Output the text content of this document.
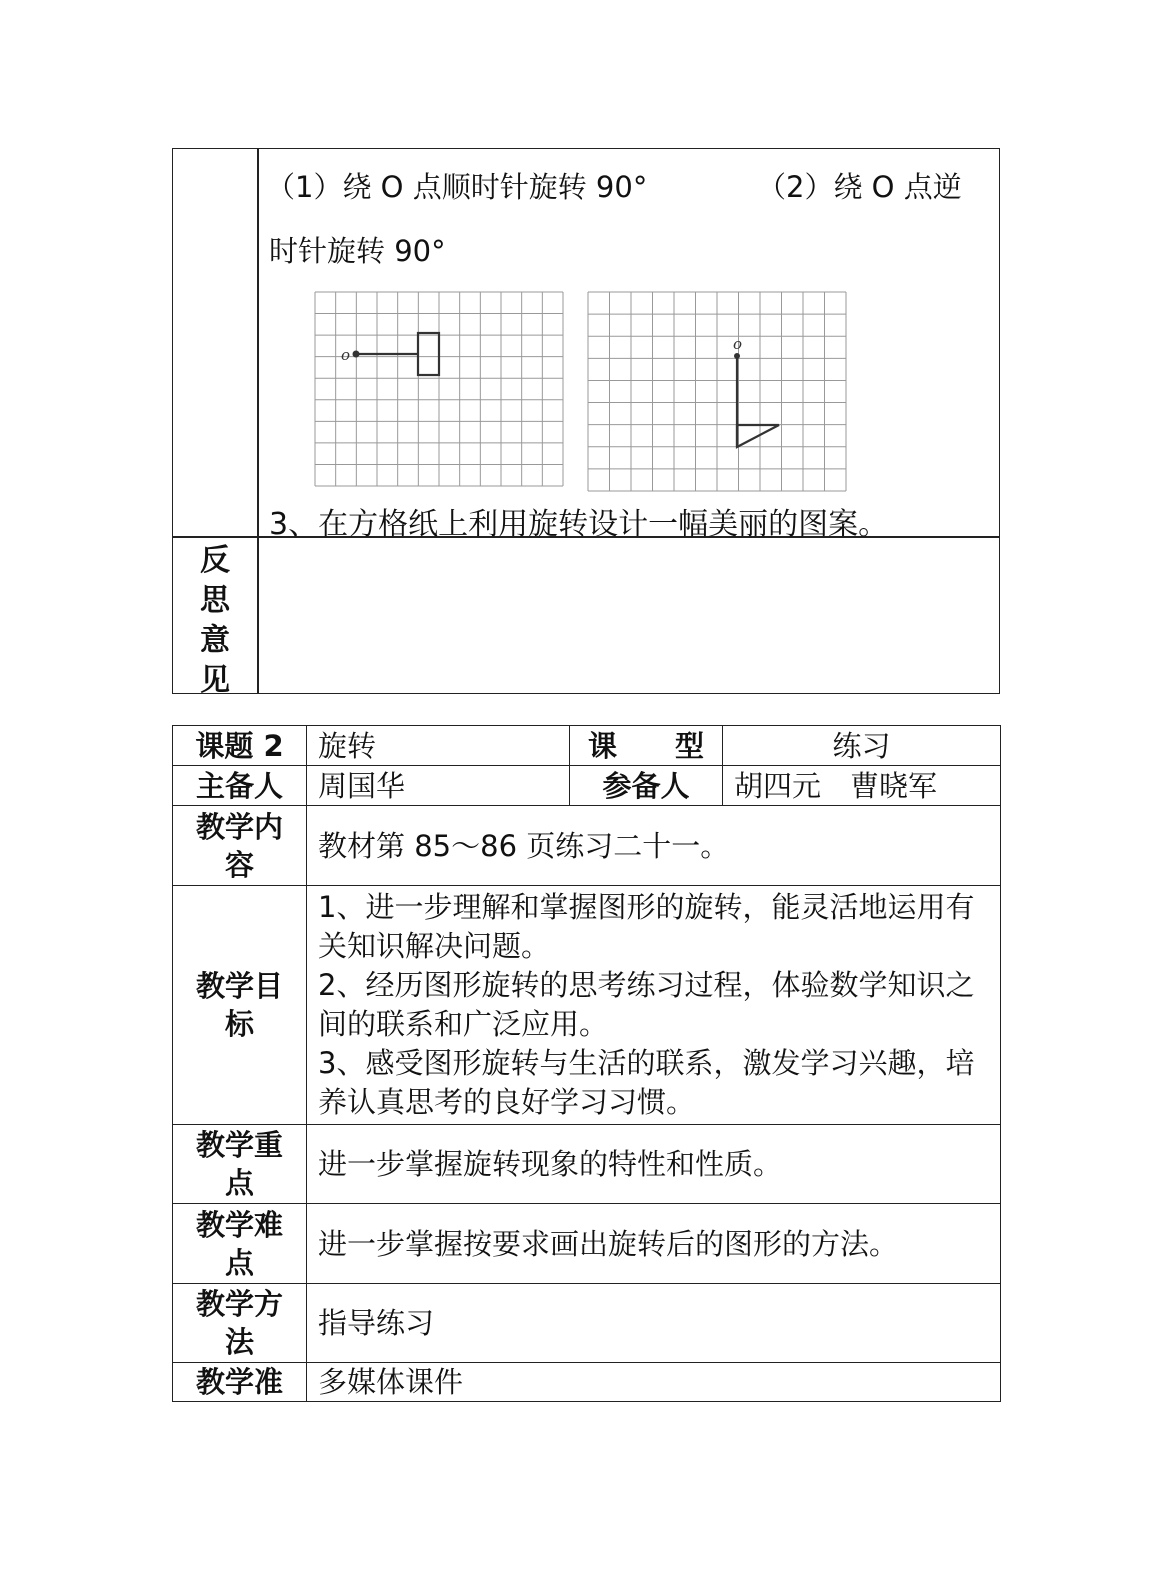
（1）绕 O 点顺时针旋转 90°	（2）绕 O 点逆
时针旋转 90°
o
o
3、在方格纸上利用旋转设计一幅美丽的图案。
反
思
意
见
课题 2	旋转	课　　型	练习
主备人	周国华	参备人	胡四元　曹晓军
教学内容	教材第 85～86 页练习二十一。		
教学目标	1、进一步理解和掌握图形的旋转，能灵活地运用有关知识解决问题。
2、经历图形旋转的思考练习过程，体验数学知识之间的联系和广泛应用。
3、感受图形旋转与生活的联系，激发学习兴趣，培养认真思考的良好学习习惯。		

教学重点	进一步掌握旋转现象的特性和性质。		
教学难点	进一步掌握按要求画出旋转后的图形的方法。		
教学方法	指导练习		
教学准	多媒体课件		
